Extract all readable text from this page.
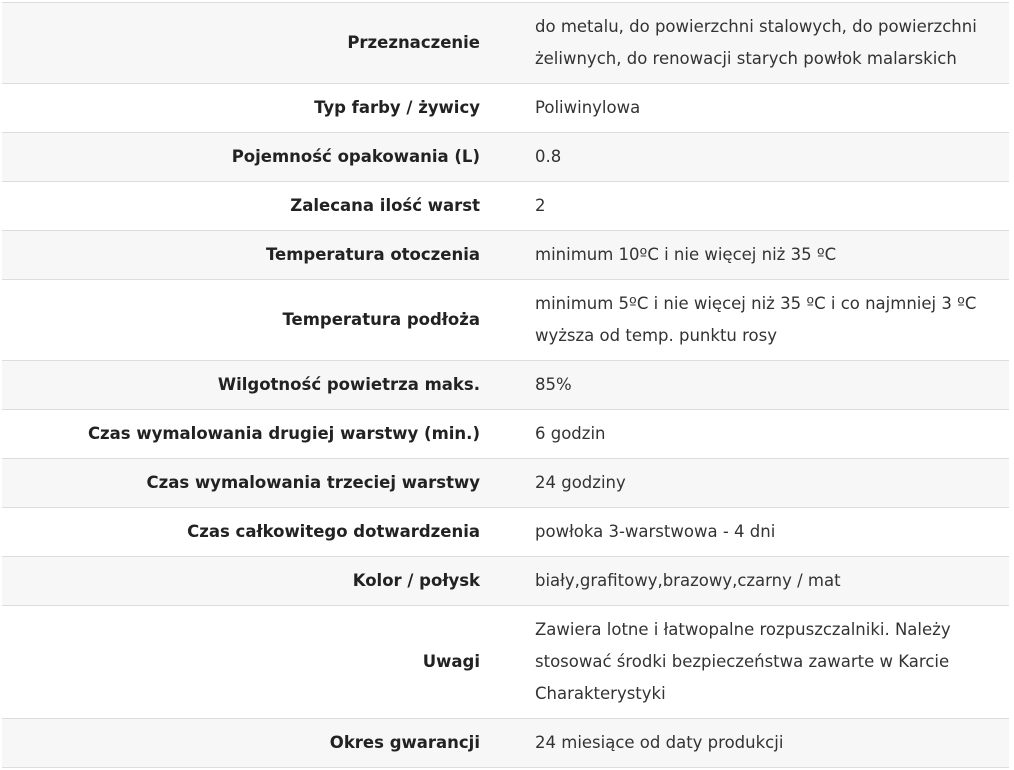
Przeznaczenie	do metalu, do powierzchni stalowych, do powierzchni żeliwnych, do renowacji starych powłok malarskich
Typ farby / żywicy	Poliwinylowa
Pojemność opakowania (L)	0.8
Zalecana ilość warst	2
Temperatura otoczenia	minimum 10ºC i nie więcej niż 35 ºC
Temperatura podłoża	minimum 5ºC i nie więcej niż 35 ºC i co najmniej 3 ºC wyższa od temp. punktu rosy
Wilgotność powietrza maks.	85%
Czas wymalowania drugiej warstwy (min.)	6 godzin
Czas wymalowania trzeciej warstwy	24 godziny
Czas całkowitego dotwardzenia	powłoka 3-warstwowa - 4 dni
Kolor / połysk	biały,grafitowy,brazowy,czarny / mat
Uwagi	Zawiera lotne i łatwopalne rozpuszczalniki. Należy stosować środki bezpieczeństwa zawarte w Karcie Charakterystyki
Okres gwarancji	24 miesiące od daty produkcji
